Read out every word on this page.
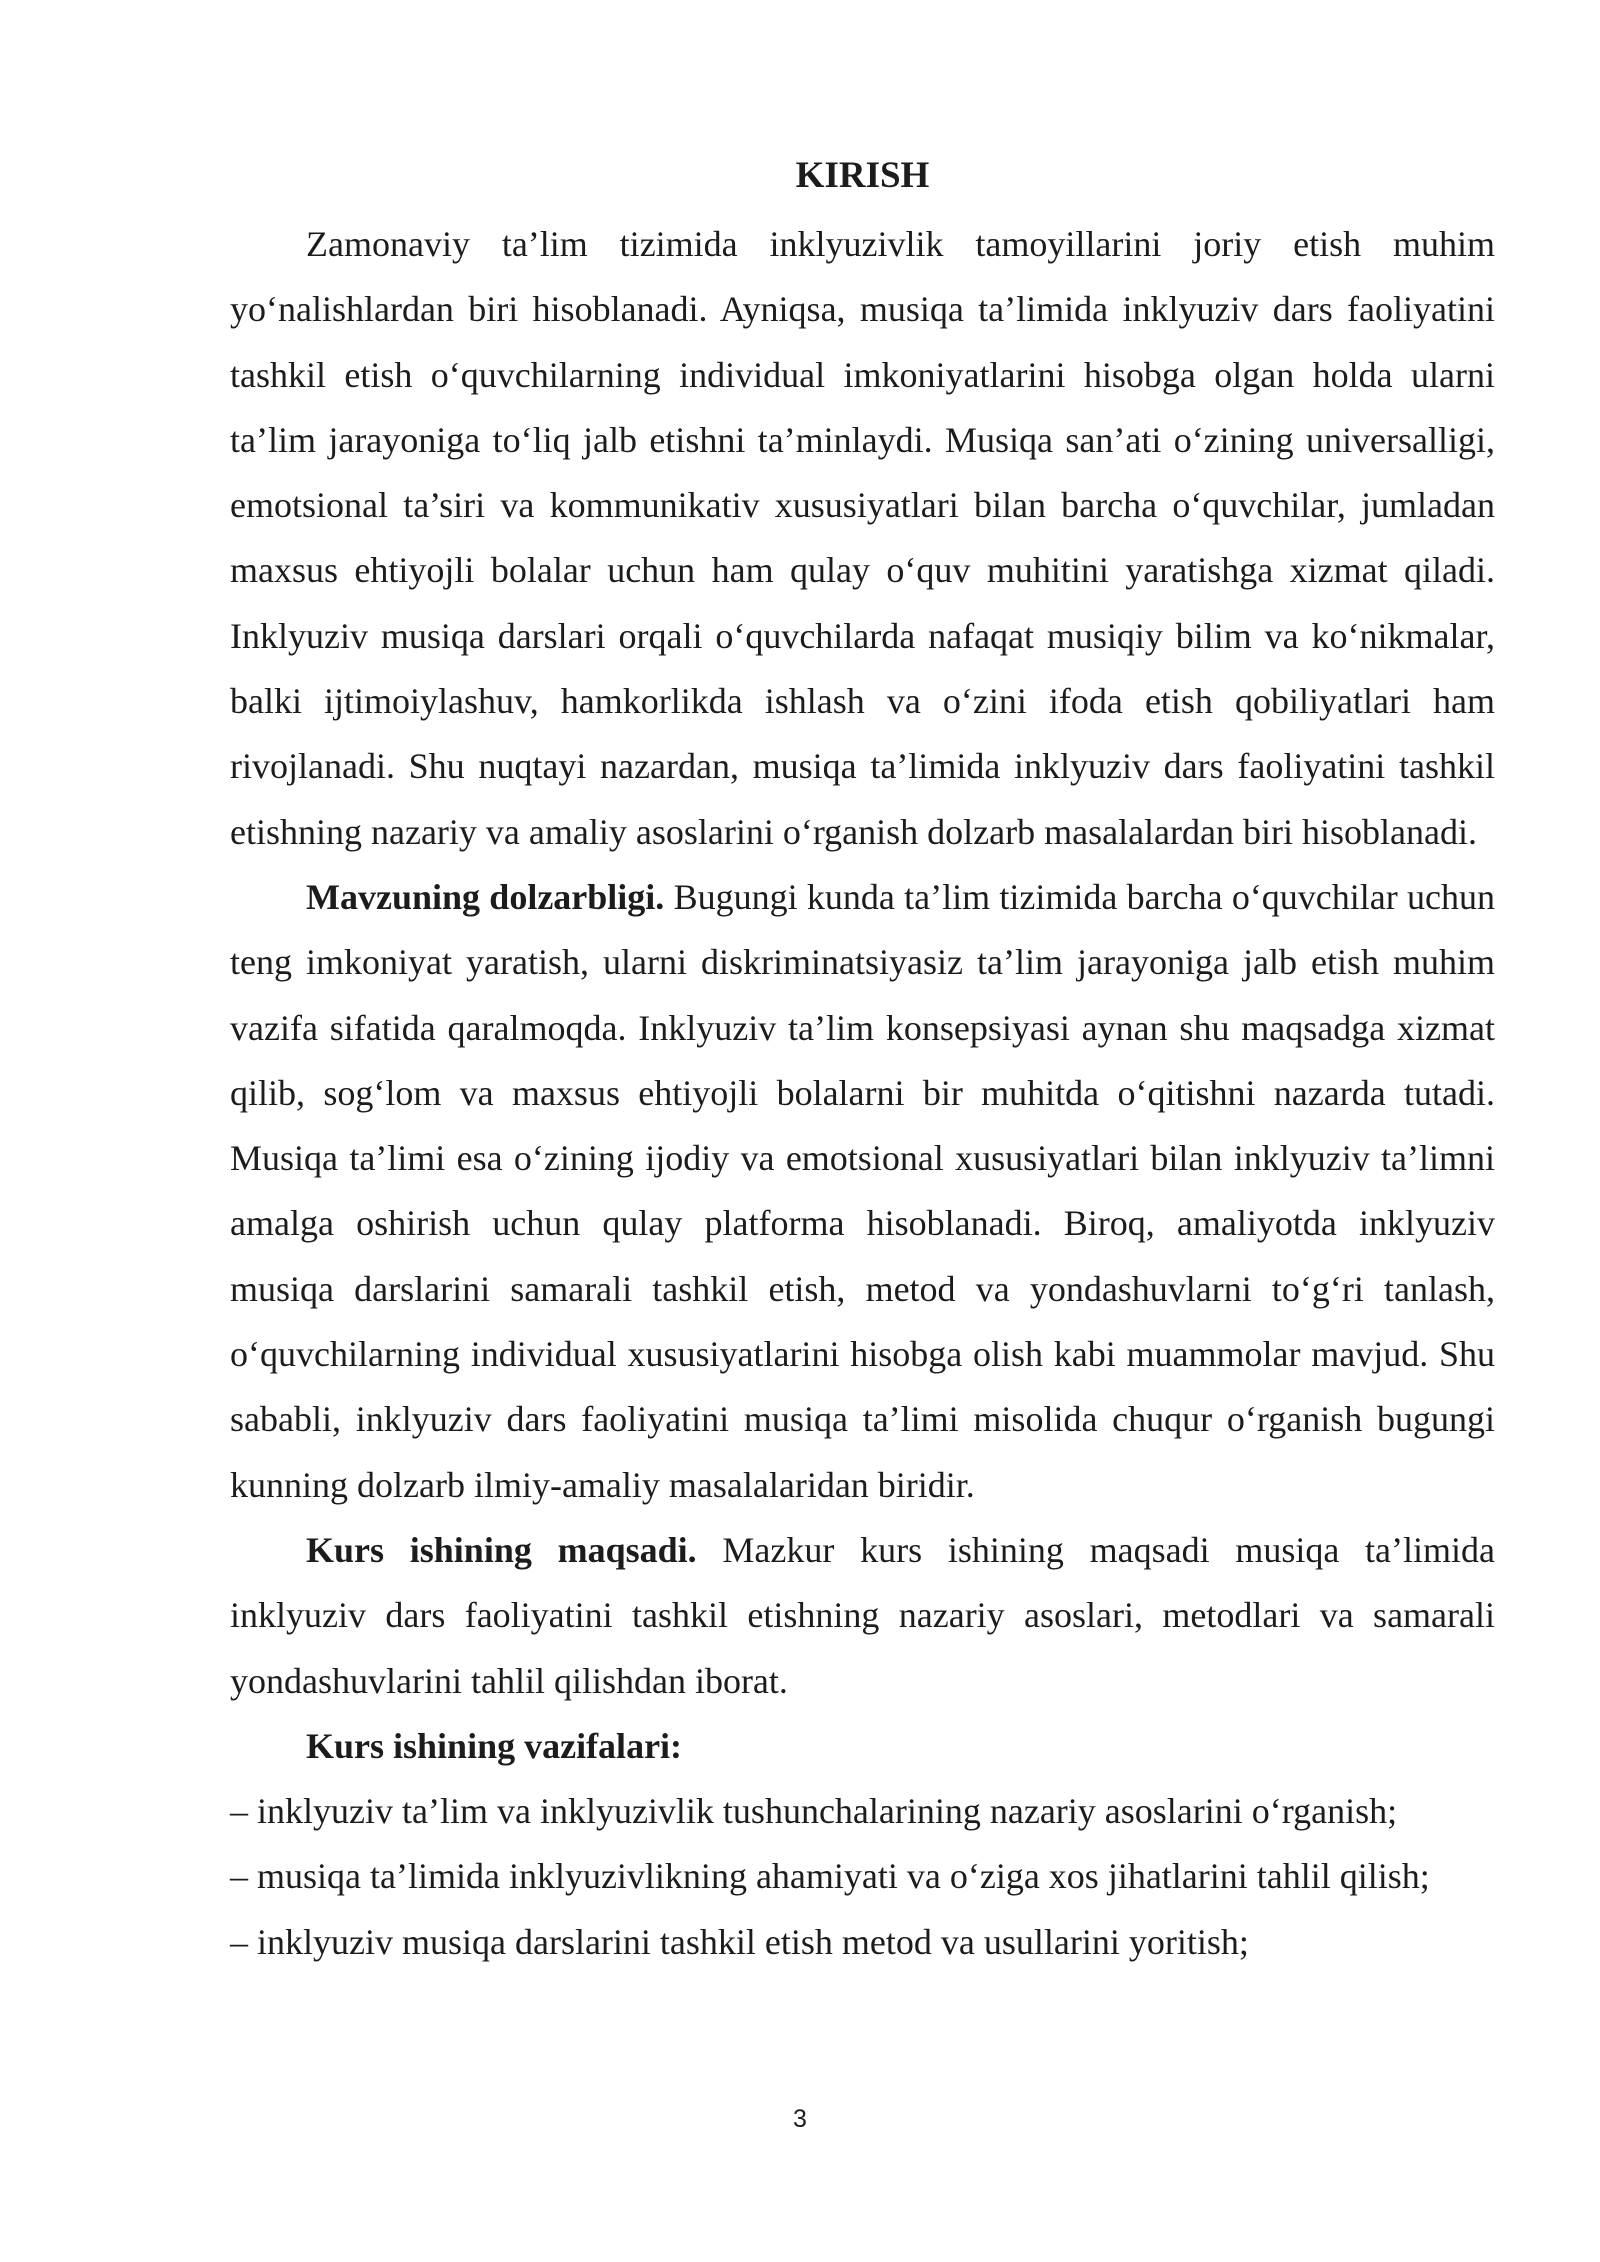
KIRISH

Zamonaviy ta’lim tizimida inklyuzivlik tamoyillarini joriy etish muhim yo‘nalishlardan biri hisoblanadi. Ayniqsa, musiqa ta’limida inklyuziv dars faoliyatini tashkil etish o‘quvchilarning individual imkoniyatlarini hisobga olgan holda ularni ta’lim jarayoniga to‘liq jalb etishni ta’minlaydi. Musiqa san’ati o‘zining universalligi, emotsional ta’siri va kommunikativ xususiyatlari bilan barcha o‘quvchilar, jumladan maxsus ehtiyojli bolalar uchun ham qulay o‘quv muhitini yaratishga xizmat qiladi. Inklyuziv musiqa darslari orqali o‘quvchilarda nafaqat musiqiy bilim va ko‘nikmalar, balki ijtimoiylashuv, hamkorlikda ishlash va o‘zini ifoda etish qobiliyatlari ham rivojlanadi. Shu nuqtayi nazardan, musiqa ta’limida inklyuziv dars faoliyatini tashkil etishning nazariy va amaliy asoslarini o‘rganish dolzarb masalalardan biri hisoblanadi.

Mavzuning dolzarbligi. Bugungi kunda ta’lim tizimida barcha o‘quvchilar uchun teng imkoniyat yaratish, ularni diskriminatsiyasiz ta’lim jarayoniga jalb etish muhim vazifa sifatida qaralmoqda. Inklyuziv ta’lim konsepsiyasi aynan shu maqsadga xizmat qilib, sog‘lom va maxsus ehtiyojli bolalarni bir muhitda o‘qitishni nazarda tutadi. Musiqa ta’limi esa o‘zining ijodiy va emotsional xususiyatlari bilan inklyuziv ta’limni amalga oshirish uchun qulay platforma hisoblanadi. Biroq, amaliyotda inklyuziv musiqa darslarini samarali tashkil etish, metod va yondashuvlarni to‘g‘ri tanlash, o‘quvchilarning individual xususiyatlarini hisobga olish kabi muammolar mavjud. Shu sababli, inklyuziv dars faoliyatini musiqa ta’limi misolida chuqur o‘rganish bugungi kunning dolzarb ilmiy-amaliy masalalaridan biridir.

Kurs ishining maqsadi. Mazkur kurs ishining maqsadi musiqa ta’limida inklyuziv dars faoliyatini tashkil etishning nazariy asoslari, metodlari va samarali yondashuvlarini tahlil qilishdan iborat.

Kurs ishining vazifalari:

– inklyuziv ta’lim va inklyuzivlik tushunchalarining nazariy asoslarini o‘rganish;
– musiqa ta’limida inklyuzivlikning ahamiyati va o‘ziga xos jihatlarini tahlil qilish;
– inklyuziv musiqa darslarini tashkil etish metod va usullarini yoritish;
3
